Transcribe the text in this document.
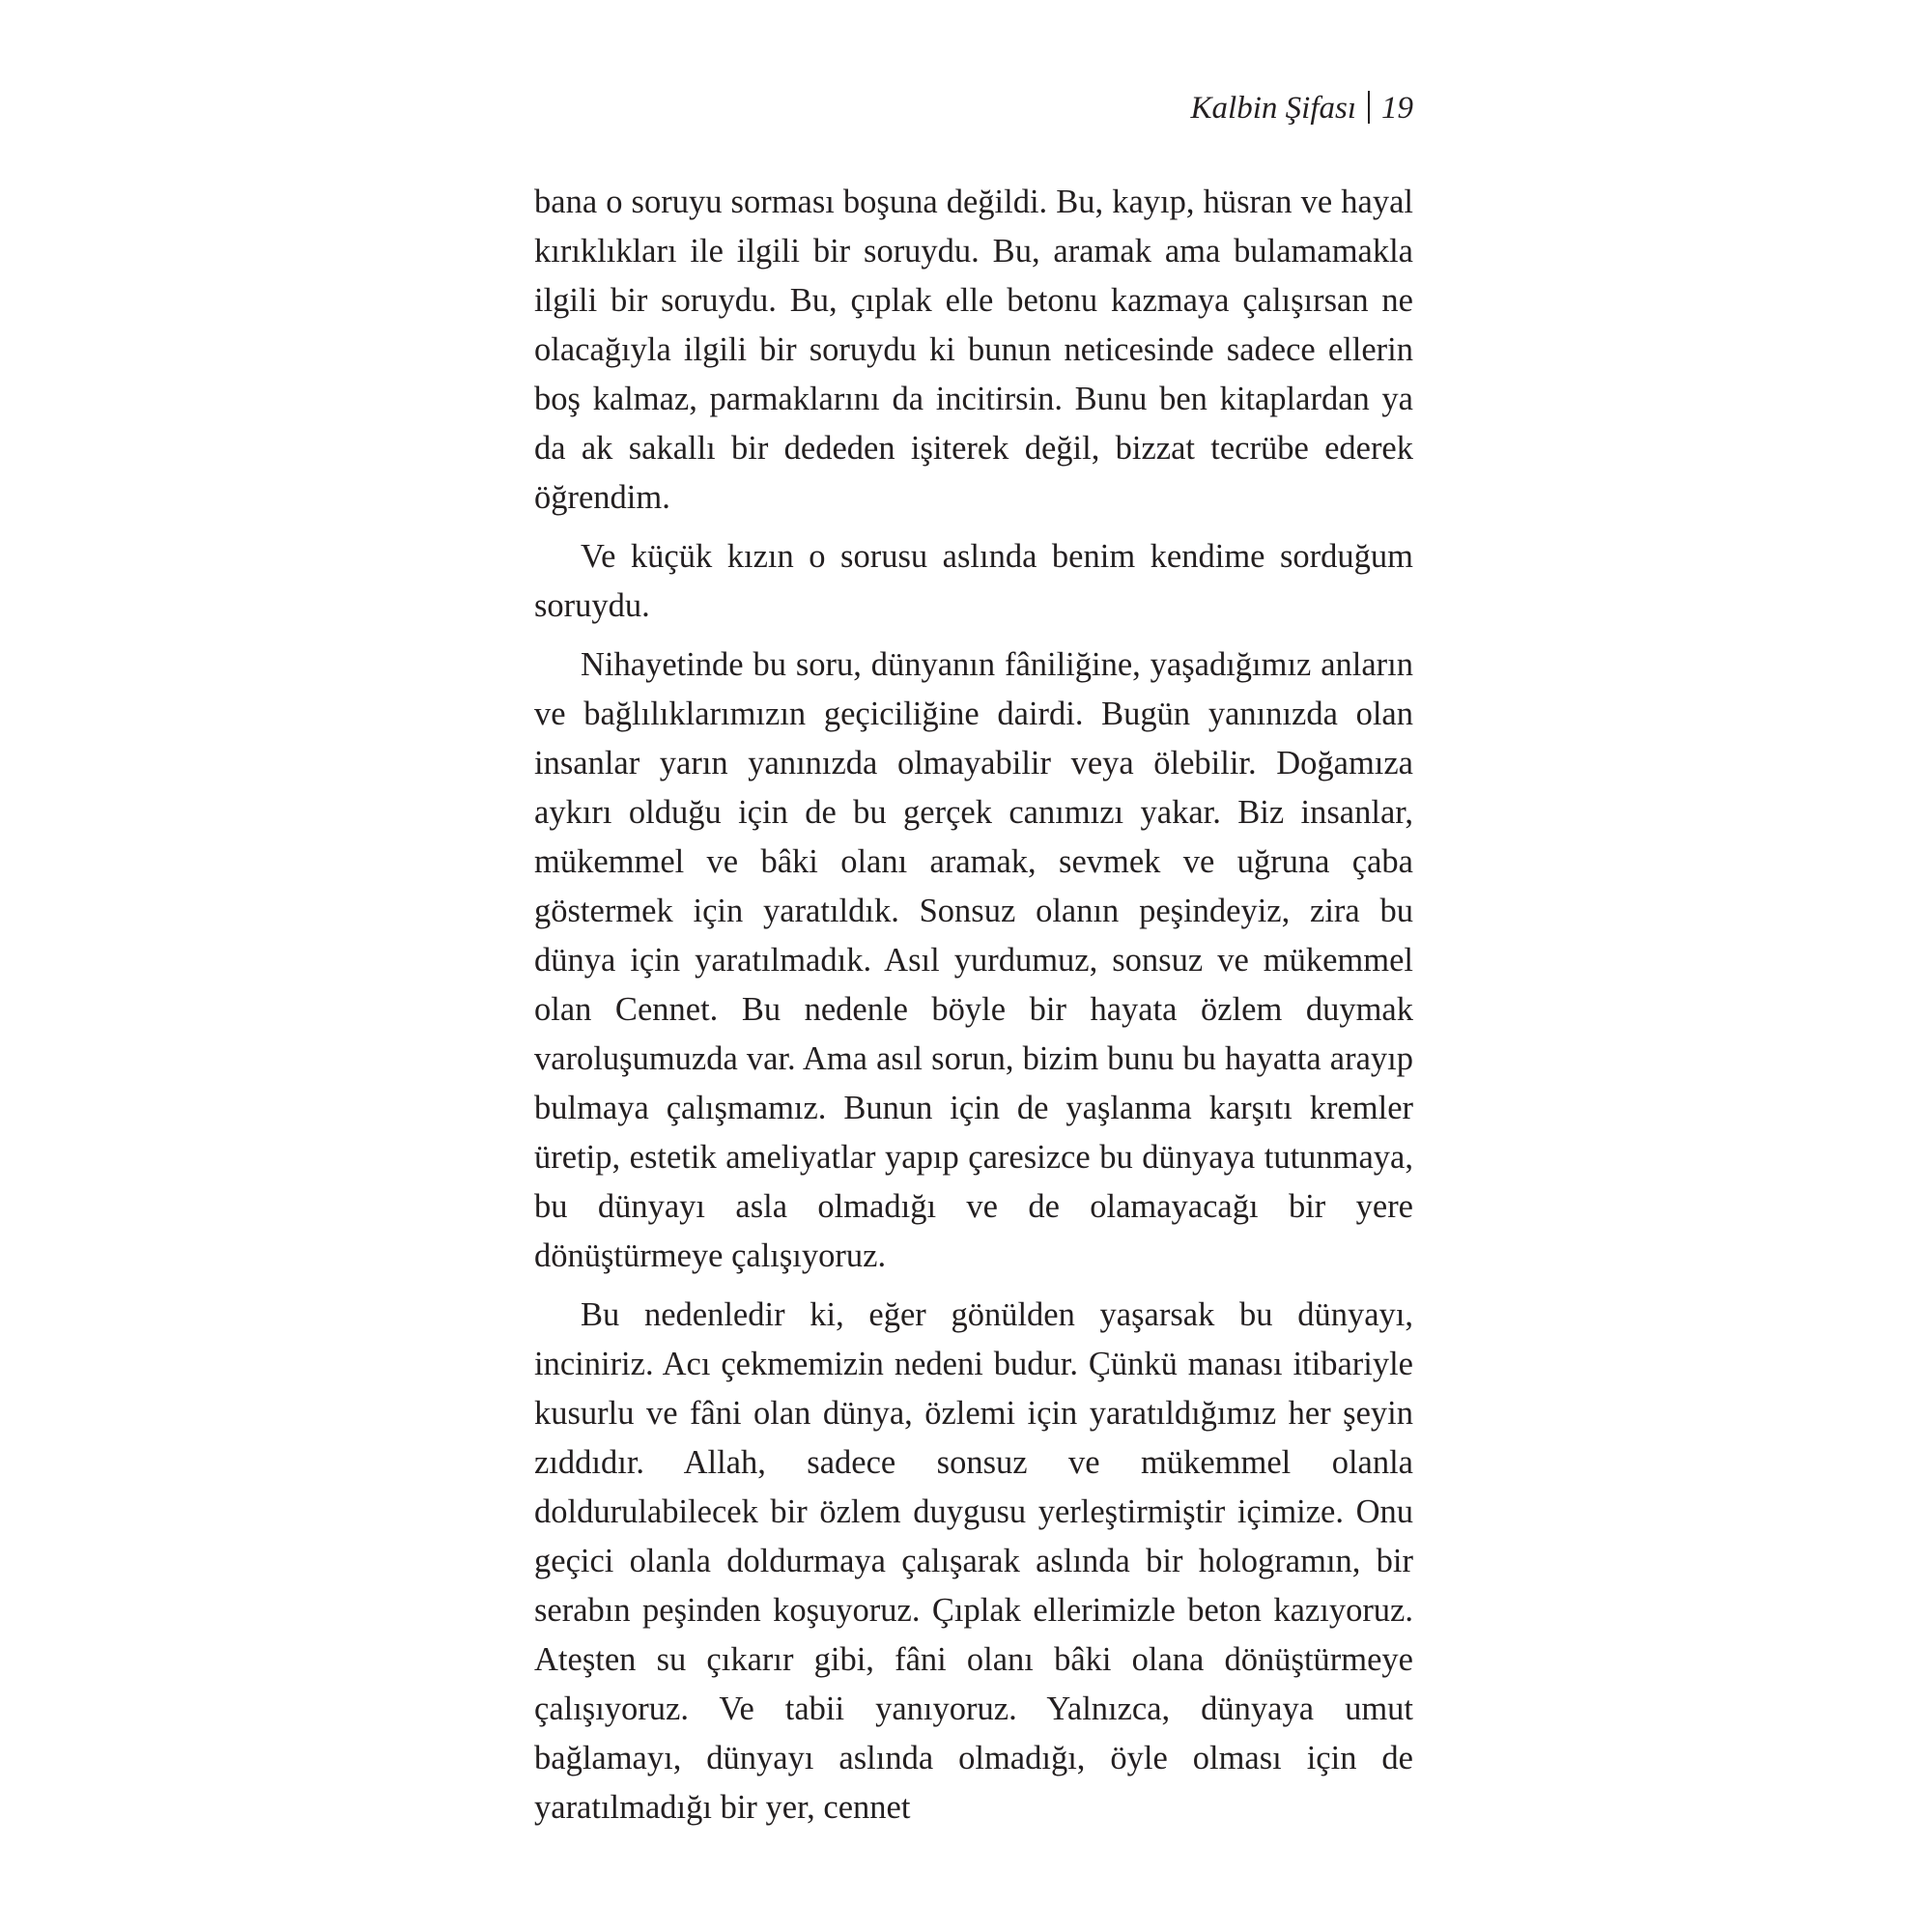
Kalbin Şifası 19

bana o soruyu sorması boşuna değildi. Bu, kayıp, hüsran ve hayal kırıklıkları ile ilgili bir soruydu. Bu, aramak ama bulamamakla ilgili bir soruydu. Bu, çıplak elle betonu kazmaya çalışırsan ne olacağıyla ilgili bir soruydu ki bunun neticesinde sadece ellerin boş kalmaz, parmaklarını da incitirsin. Bunu ben kitaplardan ya da ak sakallı bir dededen işiterek değil, bizzat tecrübe ederek öğrendim.

Ve küçük kızın o sorusu aslında benim kendime sorduğum soruydu.

Nihayetinde bu soru, dünyanın fâniliğine, yaşadığımız anların ve bağlılıklarımızın geçiciliğine dairdi. Bugün yanınızda olan insanlar yarın yanınızda olmayabilir veya ölebilir. Doğamıza aykırı olduğu için de bu gerçek canımızı yakar. Biz insanlar, mükemmel ve bâki olanı aramak, sevmek ve uğruna çaba göstermek için yaratıldık. Sonsuz olanın peşindeyiz, zira bu dünya için yaratılmadık. Asıl yurdumuz, sonsuz ve mükemmel olan Cennet. Bu nedenle böyle bir hayata özlem duymak varoluşumuzda var. Ama asıl sorun, bizim bunu bu hayatta arayıp bulmaya çalışmamız. Bunun için de yaşlanma karşıtı kremler üretip, estetik ameliyatlar yapıp çaresizce bu dünyaya tutunmaya, bu dünyayı asla olmadığı ve de olamayacağı bir yere dönüştürmeye çalışıyoruz.

Bu nedenledir ki, eğer gönülden yaşarsak bu dünyayı, inciniriz. Acı çekmemizin nedeni budur. Çünkü manası itibariyle kusurlu ve fâni olan dünya, özlemi için yaratıldığımız her şeyin zıddıdır. Allah, sadece sonsuz ve mükemmel olanla doldurulabilecek bir özlem duygusu yerleştirmiştir içimize. Onu geçici olanla doldurmaya çalışarak aslında bir hologramın, bir serabın peşinden koşuyoruz. Çıplak ellerimizle beton kazıyoruz. Ateşten su çıkarır gibi, fâni olanı bâki olana dönüştürmeye çalışıyoruz. Ve tabii yanıyoruz. Yalnızca, dünyaya umut bağlamayı, dünyayı aslında olmadığı, öyle olması için de yaratılmadığı bir yer, cennet
